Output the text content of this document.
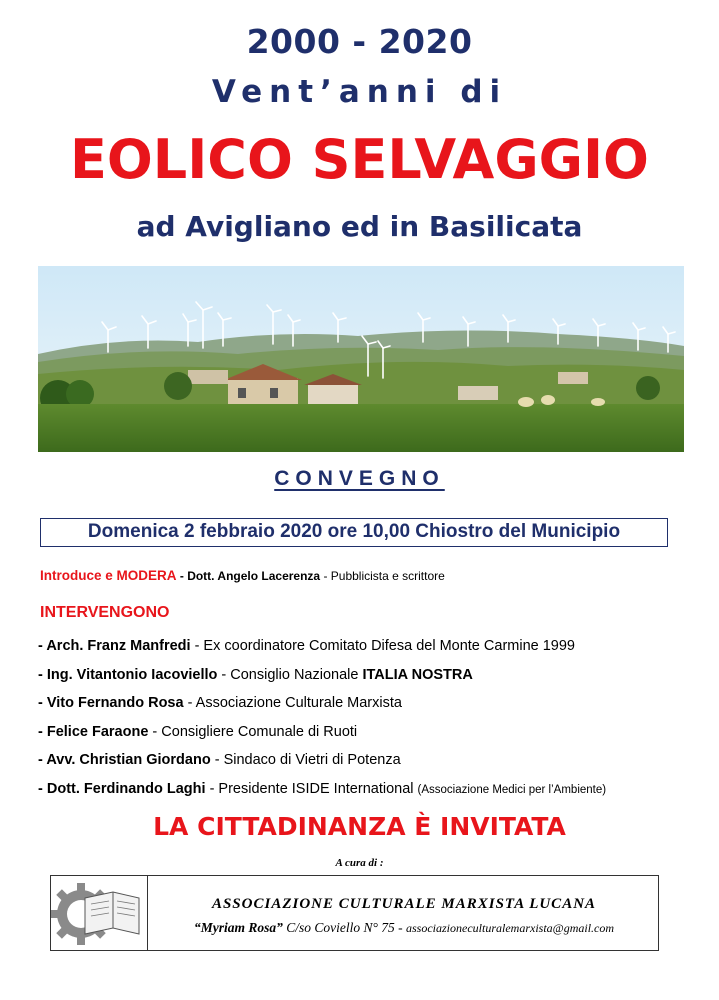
2000 - 2020
Vent’anni di
EOLICO SELVAGGIO
ad Avigliano ed in Basilicata
CONVEGNO
Domenica 2 febbraio 2020 ore 10,00 Chiostro del Municipio
Introduce e MODERA - Dott. Angelo Lacerenza - Pubblicista e scrittore
INTERVENGONO
- Arch. Franz Manfredi - Ex coordinatore Comitato Difesa del Monte Carmine 1999
- Ing. Vitantonio Iacoviello - Consiglio Nazionale ITALIA NOSTRA
- Vito Fernando Rosa - Associazione Culturale Marxista
- Felice Faraone - Consigliere Comunale di Ruoti
- Avv. Christian Giordano - Sindaco di Vietri di Potenza
- Dott. Ferdinando Laghi - Presidente ISIDE International (Associazione Medici per l’Ambiente)
LA CITTADINANZA È INVITATA
A cura di :
ASSOCIAZIONE CULTURALE MARXISTA LUCANA
“Myriam Rosa” C/so Coviello N° 75 - associazioneculturalemarxista@gmail.com
